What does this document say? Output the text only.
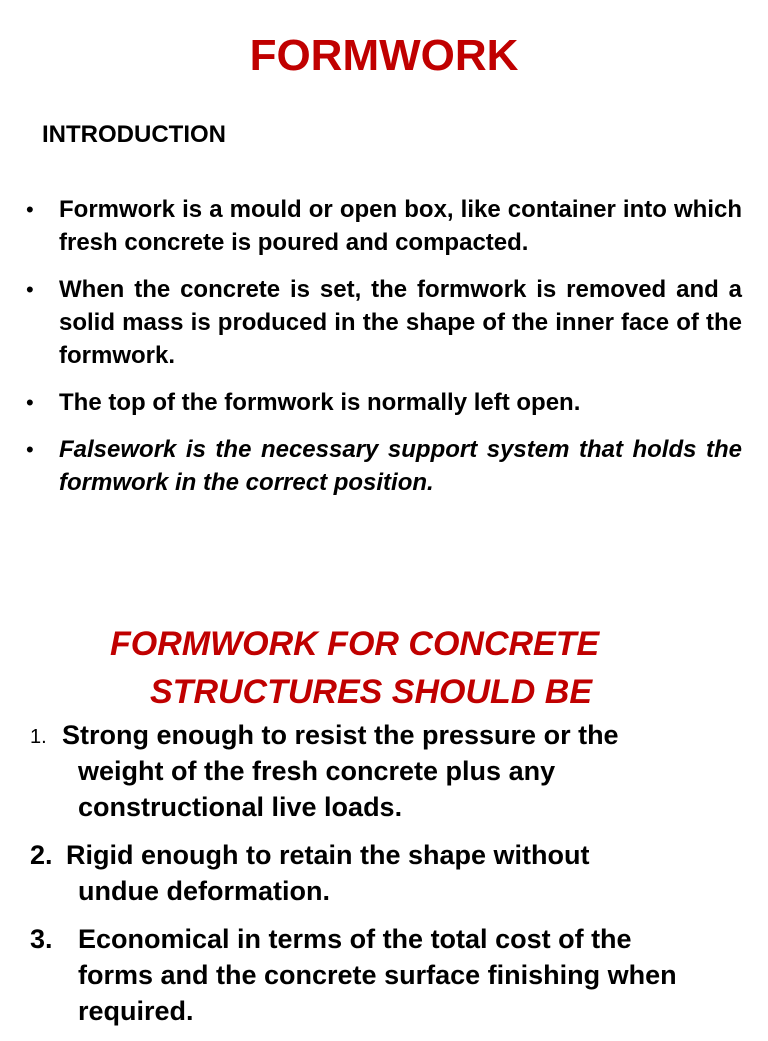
FORMWORK
INTRODUCTION
• Formwork is a mould or open box, like container into which fresh concrete is poured and compacted.
• When the concrete is set, the formwork is removed and a solid mass is produced in the shape of the inner face of the formwork.
• The top of the formwork is normally left open.
• Falsework is the necessary support system that holds the formwork in the correct position.
FORMWORK FOR CONCRETE
STRUCTURES SHOULD BE
1. Strong enough to resist the pressure or the
weight of the fresh concrete plus any constructional live loads.
2. Rigid enough to retain the shape without
undue deformation.
3. Economical in terms of the total cost of the forms and the concrete surface finishing when required.
